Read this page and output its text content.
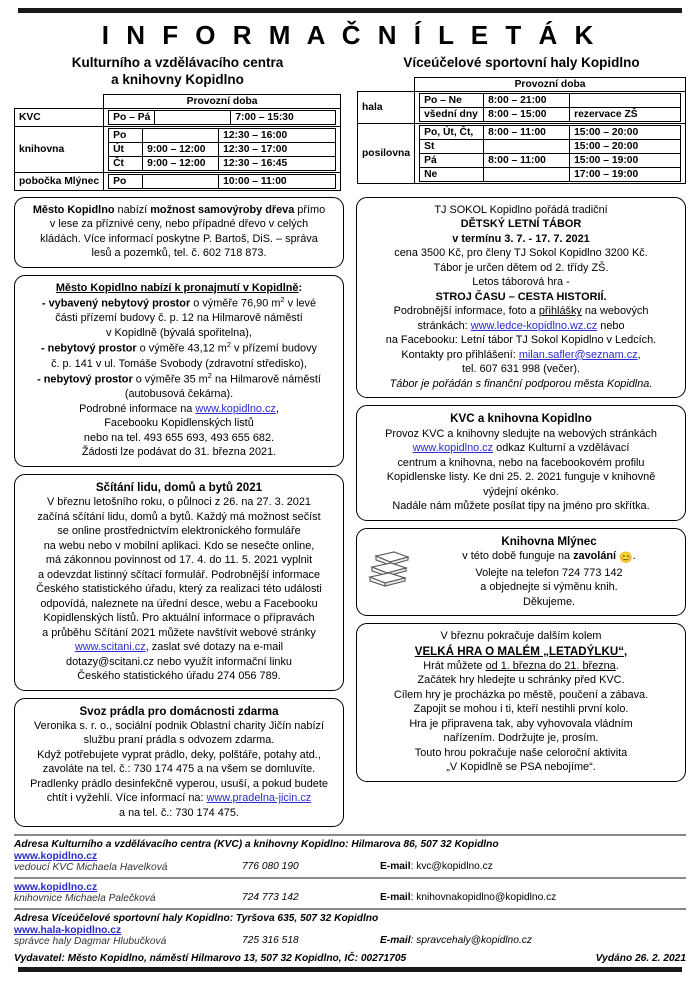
I N F O R M A Č N Í L E T Á K
Kulturního a vzdělávacího centra
a knihovny Kopidlno
	Provozní doba
KVC		Po – Pá		7:00 – 15:30

knihovna	
Po		12:30 – 16:00
Út	9:00 – 12:00	12:30 – 17:00
Čt	9:00 – 12:00	12:30 – 16:45

pobočka Mlýnec	Po		10:00 – 11:00
Víceúčelové sportovní haly Kopidlno
	Provozní doba
hala	
Po – Ne	8:00 – 21:00	
všední dny	8:00 – 15:00	rezervace ZŠ

posilovna	
Po, Út, Čt,	8:00 – 11:00	15:00 – 20:00
St		15:00 – 20:00
Pá	8:00 – 11:00	15:00 – 19:00
Ne		17:00 – 19:00

Město Kopidlno nabízí možnost samovýroby dřeva přímo

v lese za příznivé ceny, nebo případné dřevo v celých

kládách. Více informací poskytne P. Bartoš, DiS. – správa

lesů a pozemků, tel. č. 602 718 873.

Město Kopidlno nabízí k pronajmutí v Kopidlně:

- vybavený nebytový prostor o výměře 76,90 $m^2$ v levé

části přízemí budovy č. p. 12 na Hilmarově náměstí

v Kopidlně (bývalá spořitelna),

- nebytový prostor o výměře 43,12 $m^2$ v přízemí budovy

č. p. 141 v ul. Tomáše Svobody (zdravotní středisko),

- nebytový prostor o výměře 35 $m^2$ na Hilmarově náměstí

(autobusová čekárna).

Podrobné informace na www.kopidlno.cz,

Facebooku Kopidlenských listů

nebo na tel. 493 655 693, 493 655 682.

Žádosti lze podávat do 31. března 2021.

Sčítání lidu, domů a bytů 2021

V březnu letošního roku, o půlnoci z 26. na 27. 3. 2021

začíná sčítání lidu, domů a bytů. Každý má možnost sečíst

se online prostřednictvím elektronického formuláře

na webu nebo v mobilní aplikaci. Kdo se nesečte online,

má zákonnou povinnost od 17. 4. do 11. 5. 2021 vyplnit

a odevzdat listinný sčítací formulář. Podrobnější informace

Českého statistického úřadu, který za realizaci této události

odpovídá, naleznete na úřední desce, webu a Facebooku

Kopidlenských listů. Pro aktuální informace o přípravách

a průběhu Sčítání 2021 můžete navštívit webové stránky

www.scitani.cz, zaslat své dotazy na e-mail

dotazy@scitani.cz nebo využít informační linku

Českého statistického úřadu 274 056 789.

Svoz prádla pro domácnosti zdarma

Veronika s. r. o., sociální podnik Oblastní charity Jičín nabízí

službu praní prádla s odvozem zdarma.

Když potřebujete vyprat prádlo, deky, polštáře, potahy atd.,

zavoláte na tel. č.: 730 174 475 a na všem se domluvíte.

Pradlenky prádlo desinfekčně vyperou, usuší, a pokud budete

chtít i vyžehlí. Více informací na: www.pradelna-jicin.cz

a na tel. č.: 730 174 475.

TJ SOKOL Kopidlno pořádá tradiční

DĚTSKÝ LETNÍ TÁBOR

v termínu 3. 7. - 17. 7. 2021

cena 3500 Kč, pro členy TJ Sokol Kopidlno 3200 Kč.

Tábor je určen dětem od 2. třídy ZŠ.

Letos táborová hra -

STROJ ČASU – CESTA HISTORIÍ.

Podrobnější informace, foto a přihlášky na webových

stránkách: www.ledce-kopidlno.wz.cz nebo

na Facebooku: Letní tábor TJ Sokol Kopidlno v Ledcích.

Kontakty pro přihlášení: milan.safler@seznam.cz,

tel. 607 631 998 (večer).

Tábor je pořádán s finanční podporou města Kopidlna.

KVC a knihovna Kopidlno

Provoz KVC a knihovny sledujte na webových stránkách

www.kopidlno.cz odkaz Kulturní a vzdělávací

centrum a knihovna, nebo na facebookovém profilu

Kopidlenske listy. Ke dni 25. 2. 2021 funguje v knihovně

výdejní okénko.

Nadále nám můžete posílat tipy na jméno pro skřítka.

Knihovna Mlýnec

v této době funguje na zavolání 😊.

Volejte na telefon 724 773 142

a objednejte si výměnu knih.

Děkujeme.

V březnu pokračuje dalším kolem

VELKÁ HRA O MALÉM „LETADÝLKU“,

Hrát můžete od 1. března do 21. března.

Začátek hry hledejte u schránky před KVC.

Cílem hry je procházka po městě, poučení a zábava.

Zapojit se mohou i ti, kteří nestihli první kolo.

Hra je připravena tak, aby vyhovovala vládním

nařízením. Dodržujte je, prosím.

Touto hrou pokračuje naše celoroční aktivita

„V Kopidlně se PSA nebojíme“.

Adresa Kulturního a vzdělávacího centra (KVC) a knihovny Kopidlno: Hilmarova 86, 507 32 Kopidlno
www.kopidlno.cz
vedoucí KVC Michaela Havelková	776 080 190	E-mail: kvc@kopidlno.cz
www.kopidlno.cz
knihovnice Michaela Palečková	724 773 142	E-mail: knihovnakopidlno@kopidlno.cz
Adresa Víceúčelové sportovní haly Kopidlno: Tyršova 635, 507 32 Kopidlno
www.hala-kopidlno.cz
správce haly Dagmar Hlubučková	725 316 518	E-mail: spravcehaly@kopidlno.cz
Vydavatel: Město Kopidlno, náměstí Hilmarovo 13, 507 32 Kopidlno, IČ: 00271705	Vydáno 26. 2. 2021
